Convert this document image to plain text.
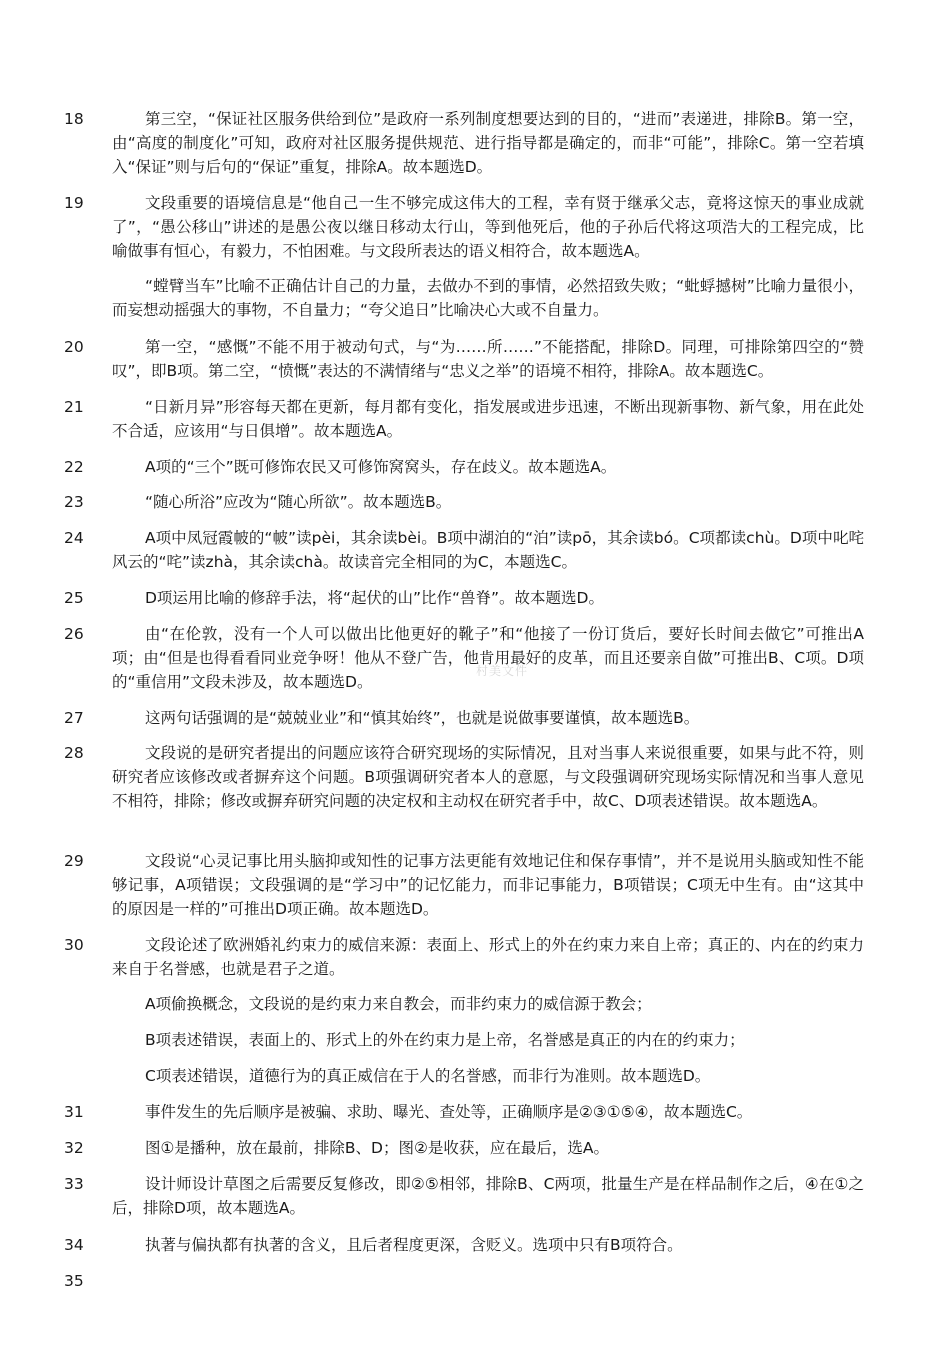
18	第三空，“保证社区服务供给到位”是政府一系列制度想要达到的目的，“进而”表递进，排除B。第一空，由“高度的制度化”可知，政府对社区服务提供规范、进行指导都是确定的，而非“可能”，排除C。第一空若填入“保证”则与后句的“保证”重复，排除A。故本题选D。

19	文段重要的语境信息是“他自己一生不够完成这伟大的工程，幸有贤于继承父志，竟将这惊天的事业成就了”，“愚公移山”讲述的是愚公夜以继日移动太行山，等到他死后，他的子孙后代将这项浩大的工程完成，比喻做事有恒心，有毅力，不怕困难。与文段所表达的语义相符合，故本题选A。

“螳臂当车”比喻不正确估计自己的力量，去做办不到的事情，必然招致失败；“蚍蜉撼树”比喻力量很小，而妄想动摇强大的事物，不自量力；“夸父追日”比喻决心大或不自量力。

20	第一空，“感慨”不能不用于被动句式，与“为……所……”不能搭配，排除D。同理，可排除第四空的“赞叹”，即B项。第二空，“愤慨”表达的不满情绪与“忠义之举”的语境不相符，排除A。故本题选C。

21	“日新月异”形容每天都在更新，每月都有变化，指发展或进步迅速，不断出现新事物、新气象，用在此处不合适，应该用“与日俱增”。故本题选A。

22	A项的“三个”既可修饰农民又可修饰窝窝头，存在歧义。故本题选A。

23	“随心所浴”应改为“随心所欲”。故本题选B。

24	A项中凤冠霞帔的“帔”读pèi，其余读bèi。B项中湖泊的“泊”读pō，其余读bó。C项都读chù。D项中叱咤风云的“咤”读zhà，其余读chà。故读音完全相同的为C，本题选C。

25	D项运用比喻的修辞手法，将“起伏的山”比作“兽脊”。故本题选D。

26	由“在伦敦，没有一个人可以做出比他更好的靴子”和“他接了一份订货后，要好长时间去做它”可推出A项；由“但是也得看看同业竞争呀！他从不登广告，他肯用最好的皮革，而且还要亲自做”可推出B、C项。D项的“重信用”文段未涉及，故本题选D。

27	这两句话强调的是“兢兢业业”和“慎其始终”，也就是说做事要谨慎，故本题选B。

28	文段说的是研究者提出的问题应该符合研究现场的实际情况，且对当事人来说很重要，如果与此不符，则研究者应该修改或者摒弃这个问题。B项强调研究者本人的意愿，与文段强调研究现场实际情况和当事人意见不相符，排除；修改或摒弃研究问题的决定权和主动权在研究者手中，故C、D项表述错误。故本题选A。

29	文段说“心灵记事比用头脑抑或知性的记事方法更能有效地记住和保存事情”，并不是说用头脑或知性不能够记事，A项错误；文段强调的是“学习中”的记忆能力，而非记事能力，B项错误；C项无中生有。由“这其中的原因是一样的”可推出D项正确。故本题选D。

30	文段论述了欧洲婚礼约束力的威信来源：表面上、形式上的外在约束力来自上帝；真正的、内在的约束力来自于名誉感，也就是君子之道。

A项偷换概念，文段说的是约束力来自教会，而非约束力的威信源于教会；

B项表述错误，表面上的、形式上的外在约束力是上帝，名誉感是真正的内在的约束力；

C项表述错误，道德行为的真正威信在于人的名誉感，而非行为准则。故本题选D。

31	事件发生的先后顺序是被骗、求助、曝光、查处等，正确顺序是②③①⑤④，故本题选C。

32	图①是播种，放在最前，排除B、D；图②是收获，应在最后，选A。

33	设计师设计草图之后需要反复修改，即②⑤相邻，排除B、C两项，批量生产是在样品制作之后，④在①之后，排除D项，故本题选A。

34	执著与偏执都有执著的含义，且后者程度更深，含贬义。选项中只有B项符合。

35
村美文件
